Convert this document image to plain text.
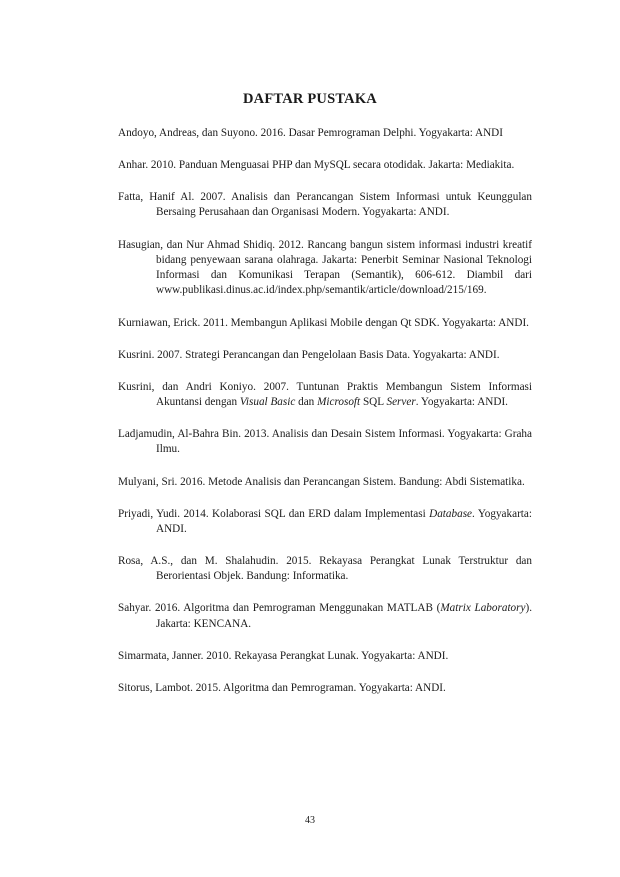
DAFTAR PUSTAKA

Andoyo, Andreas, dan Suyono. 2016. Dasar Pemrograman Delphi. Yogyakarta: ANDI

Anhar. 2010. Panduan Menguasai PHP dan MySQL secara otodidak. Jakarta: Mediakita.

Fatta, Hanif Al. 2007. Analisis dan Perancangan Sistem Informasi untuk Keunggulan Bersaing Perusahaan dan Organisasi Modern. Yogyakarta: ANDI.

Hasugian, dan Nur Ahmad Shidiq. 2012. Rancang bangun sistem informasi industri kreatif bidang penyewaan sarana olahraga. Jakarta: Penerbit Seminar Nasional Teknologi Informasi dan Komunikasi Terapan (Semantik), 606-612. Diambil dari www.publikasi.dinus.ac.id/index.php/semantik/article/download/215/169.

Kurniawan, Erick. 2011. Membangun Aplikasi Mobile dengan Qt SDK. Yogyakarta: ANDI.

Kusrini. 2007. Strategi Perancangan dan Pengelolaan Basis Data. Yogyakarta: ANDI.

Kusrini, dan Andri Koniyo. 2007. Tuntunan Praktis Membangun Sistem Informasi Akuntansi dengan Visual Basic dan Microsoft SQL Server. Yogyakarta: ANDI.

Ladjamudin, Al-Bahra Bin. 2013. Analisis dan Desain Sistem Informasi. Yogyakarta: Graha Ilmu.

Mulyani, Sri. 2016. Metode Analisis dan Perancangan Sistem. Bandung: Abdi Sistematika.

Priyadi, Yudi. 2014. Kolaborasi SQL dan ERD dalam Implementasi Database. Yogyakarta: ANDI.

Rosa, A.S., dan M. Shalahudin. 2015. Rekayasa Perangkat Lunak Terstruktur dan Berorientasi Objek. Bandung: Informatika.

Sahyar. 2016. Algoritma dan Pemrograman Menggunakan MATLAB (Matrix Laboratory). Jakarta: KENCANA.

Simarmata, Janner. 2010. Rekayasa Perangkat Lunak. Yogyakarta: ANDI.

Sitorus, Lambot. 2015. Algoritma dan Pemrograman. Yogyakarta: ANDI.

43
